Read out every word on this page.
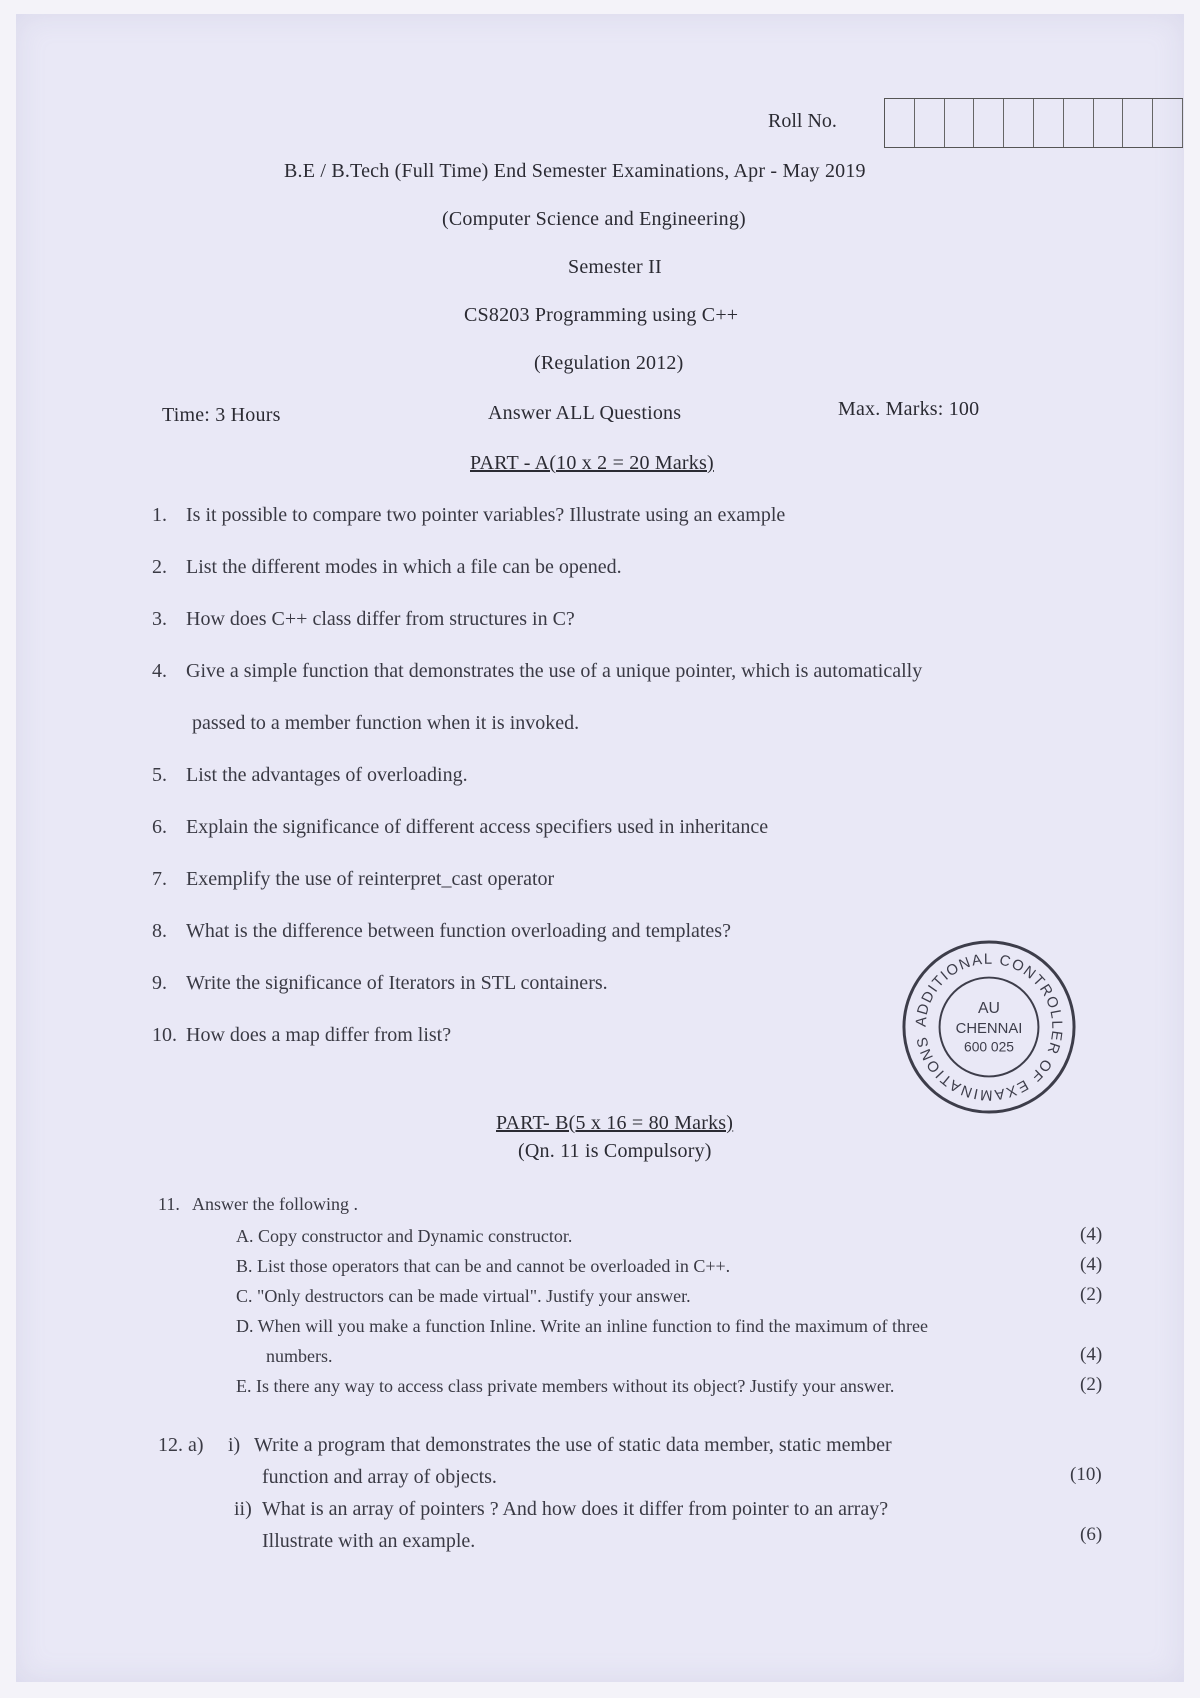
Roll No.
B.E / B.Tech (Full Time) End Semester Examinations, Apr - May 2019
(Computer Science and Engineering)
Semester II
CS8203 Programming using C++
(Regulation 2012)
Time: 3 Hours	Answer ALL Questions	Max. Marks: 100
PART - A(10 x 2 = 20 Marks)
1. Is it possible to compare two pointer variables? Illustrate using an example
2. List the different modes in which a file can be opened.
3. How does C++ class differ from structures in C?
4. Give a simple function that demonstrates the use of a unique pointer, which is automatically
passed to a member function when it is invoked.
5. List the advantages of overloading.
6. Explain the significance of different access specifiers used in inheritance
7. Exemplify the use of reinterpret_cast operator
8. What is the difference between function overloading and templates?
9. Write the significance of Iterators in STL containers.
10. How does a map differ from list?
ADDITIONAL CONTROLLER OF EXAMINATIONS
AU
CHENNAI
600 025
PART- B(5 x 16 = 80 Marks)
(Qn. 11 is Compulsory)
11. Answer the following .
A. Copy constructor and Dynamic constructor.	(4)
B. List those operators that can be and cannot be overloaded in C++.	(4)
C. "Only destructors can be made virtual". Justify your answer.	(2)
D. When will you make a function Inline. Write an inline function to find the maximum of three
numbers.	(4)
E. Is there any way to access class private members without its object? Justify your answer.	(2)
12. a) i) Write a program that demonstrates the use of static data member, static member
function and array of objects.	(10)
ii) What is an array of pointers ? And how does it differ from pointer to an array?
Illustrate with an example.	(6)
